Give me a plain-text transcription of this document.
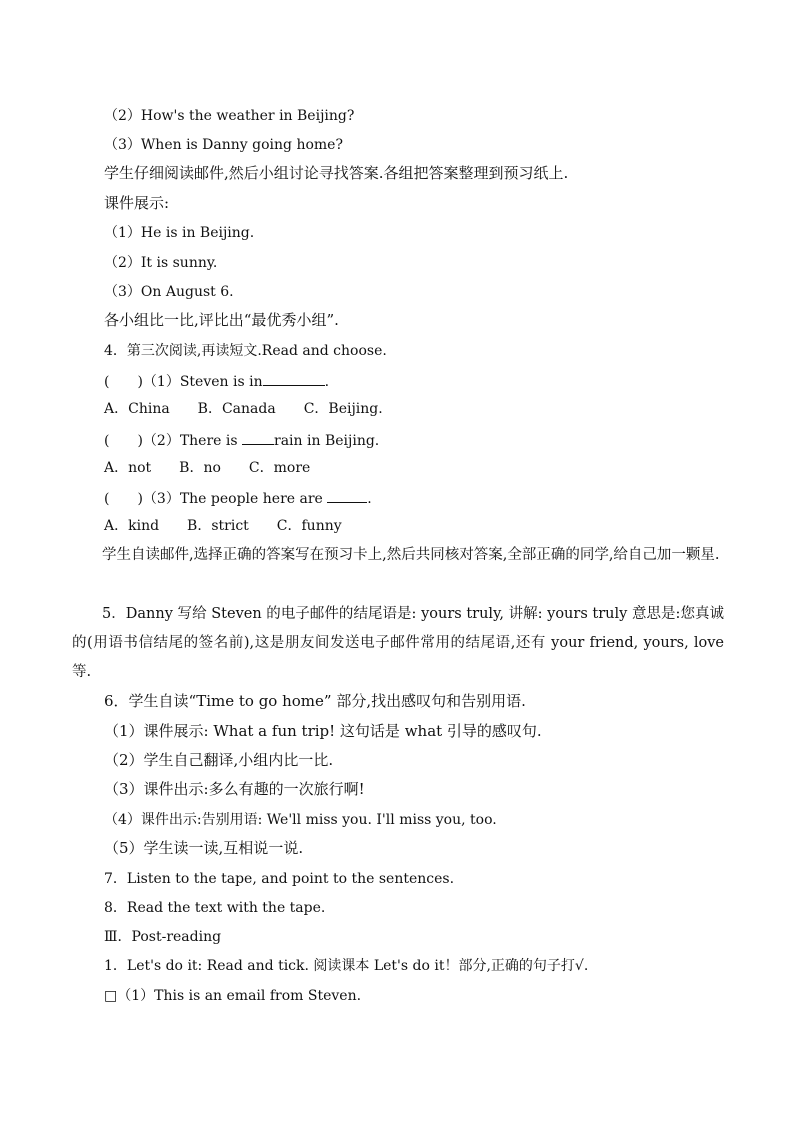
（2）How's the weather in Beijing?
（3）When is Danny going home?
学生仔细阅读邮件,然后小组讨论寻找答案.各组把答案整理到预习纸上.
课件展示:
（1）He is in Beijing.
（2）It is sunny.
（3）On August 6.
各小组比一比,评比出“最优秀小组”.
4．第三次阅读,再读短文.Read and choose.
(　　)（1）Steven is in	.
A．China　　B．Canada　　C．Beijing.
(　　)（2）There is rain in Beijing.
A．not　　B．no　　C．more
(　　)（3）The people here are	.
A．kind　　B．strict　　C．funny
学生自读邮件,选择正确的答案写在预习卡上,然后共同核对答案,全部正确的同学,给自己加一颗星.
5．Danny 写给 Steven 的电子邮件的结尾语是: yours truly, 讲解: yours truly 意思是:您真诚的(用语书信结尾的签名前),这是朋友间发送电子邮件常用的结尾语,还有 your friend, yours, love 等.
6．学生自读“Time to go home” 部分,找出感叹句和告别用语.
（1）课件展示: What a fun trip! 这句话是 what 引导的感叹句.
（2）学生自己翻译,小组内比一比.
（3）课件出示:多么有趣的一次旅行啊!
（4）课件出示:告别用语: We'll miss you. I'll miss you, too.
（5）学生读一读,互相说一说.
7．Listen to the tape, and point to the sentences.
8．Read the text with the tape.
Ⅲ．Post-reading
1．Let's do it: Read and tick. 阅读课本 Let's do it！部分,正确的句子打√.
□（1）This is an email from Steven.
